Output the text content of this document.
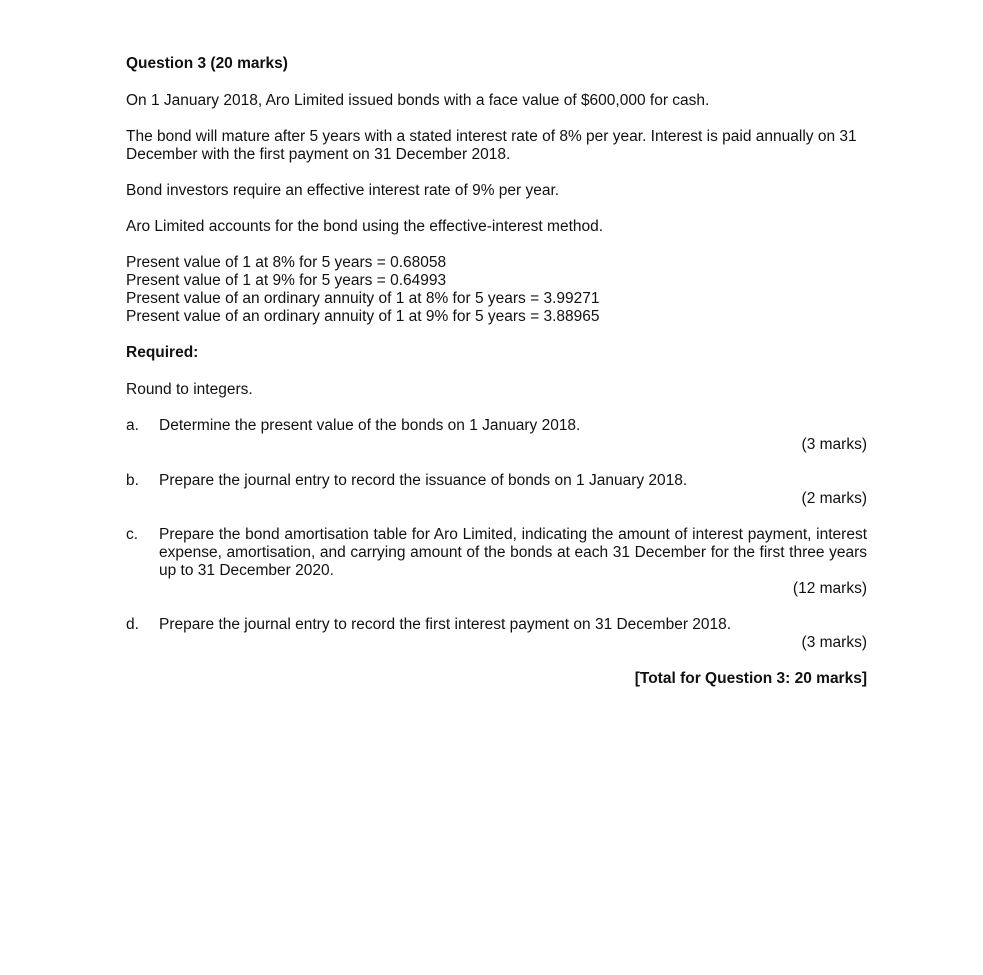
Question 3 (20 marks)
On 1 January 2018, Aro Limited issued bonds with a face value of $600,000 for cash.
The bond will mature after 5 years with a stated interest rate of 8% per year. Interest is paid annually on 31 December with the first payment on 31 December 2018.
Bond investors require an effective interest rate of 9% per year.
Aro Limited accounts for the bond using the effective-interest method.
Present value of 1 at 8% for 5 years = 0.68058
Present value of 1 at 9% for 5 years = 0.64993
Present value of an ordinary annuity of 1 at 8% for 5 years = 3.99271
Present value of an ordinary annuity of 1 at 9% for 5 years = 3.88965
Required:
Round to integers.
a. Determine the present value of the bonds on 1 January 2018.
(3 marks)
b. Prepare the journal entry to record the issuance of bonds on 1 January 2018.
(2 marks)
c. Prepare the bond amortisation table for Aro Limited, indicating the amount of interest payment, interest expense, amortisation, and carrying amount of the bonds at each 31 December for the first three years up to 31 December 2020.
(12 marks)
d. Prepare the journal entry to record the first interest payment on 31 December 2018.
(3 marks)
[Total for Question 3: 20 marks]
